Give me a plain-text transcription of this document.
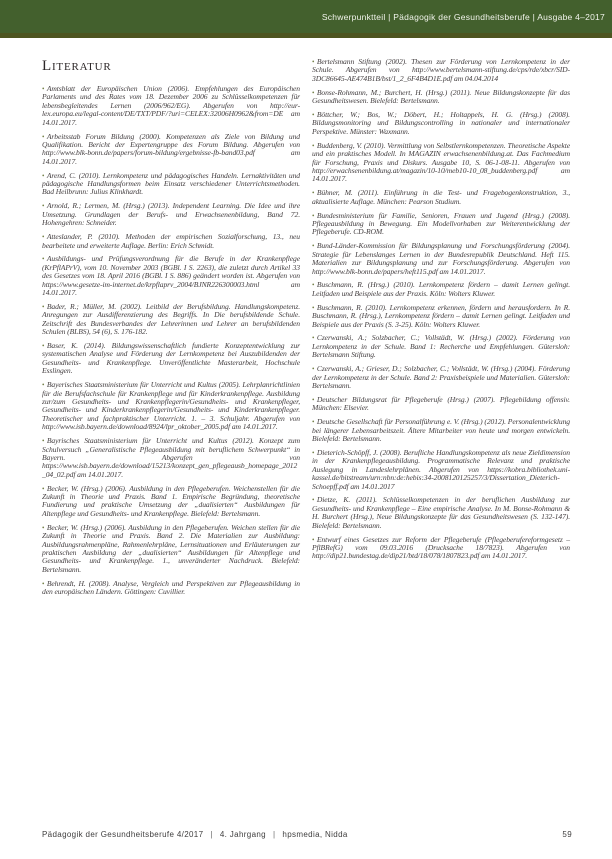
Schwerpunktteil | Pädagogik der Gesundheitsberufe | Ausgabe 4–2017
Literatur

• Amtsblatt der Europäischen Union (2006). Empfehlungen des Europäischen Parlaments und des Rates vom 18. Dezember 2006 zu Schlüsselkompetenzen für lebensbegleitendes Lernen (2006/962/EG). Abgerufen von http://eur-lex.europa.eu/legal-content/DE/TXT/PDF/?uri=CELEX:32006H0962&from=DE am 14.01.2017.

• Arbeitsstab Forum Bildung (2000). Kompetenzen als Ziele von Bildung und Qualifikation. Bericht der Expertengruppe des Forum Bildung. Abgerufen von http://www.blk-bonn.de/papers/forum-bildung/ergebnisse-fb-band03.pdf am 14.01.2017.

• Arend, C. (2010). Lernkompetenz und pädagogisches Handeln. Lernaktivitäten und pädagogische Handlungsformen beim Einsatz verschiedener Unterrichtsmethoden. Bad Heilbrunn: Julius Klinkhardt.

• Arnold, R.; Lermen, M. (Hrsg.) (2013). Independent Learning. Die Idee und ihre Umsetzung. Grundlagen der Berufs- und Erwachsenenbildung, Band 72. Hohengehren: Schneider.

• Atteslander, P. (2010). Methoden der empirischen Sozialforschung, 13., neu bearbeitete und erweiterte Auflage. Berlin: Erich Schmidt.

• Ausbildungs- und Prüfungsverordnung für die Berufe in der Krankenpflege (KrPflAPrV), vom 10. November 2003 (BGBl. I S. 2263), die zuletzt durch Artikel 33 des Gesetzes vom 18. April 2016 (BGBl. I S. 886) geändert worden ist. Abgerufen von https://www.gesetze-im-internet.de/krpflaprv_2004/BJNR226300003.html am 14.01.2017.

• Bader, R.; Müller, M. (2002). Leitbild der Berufsbildung. Handlungskompetenz. Anregungen zur Ausdifferenzierung des Begriffs. In Die berufsbildende Schule. Zeitschrift des Bundesverbandes der Lehrerinnen und Lehrer an berufsbildenden Schulen (BLBS), 54 (6), S. 176-182.

• Baser, K. (2014). Bildungswissenschaftlich fundierte Konzeptentwicklung zur systematischen Analyse und Förderung der Lernkompetenz bei Auszubildenden der Gesundheits- und Krankenpflege. Unveröffentlichte Masterarbeit, Hochschule Esslingen.

• Bayerisches Staatsministerium für Unterricht und Kultus (2005). Lehrplanrichtlinien für die Berufsfachschule für Krankenpflege und für Kinderkrankenpflege. Ausbildung zur/zum Gesundheits- und Krankenpflegerin/Gesundheits- und Krankenpfleger, Gesundheits- und Kinderkrankenpflegerin/Gesundheits- und Kinderkrankenpfleger. Theoretischer und fachpraktischer Unterricht. 1. – 3. Schuljahr. Abgerufen von http://www.isb.bayern.de/download/8924/lpr_oktober_2005.pdf am 14.01.2017.

• Bayrisches Staatsministerium für Unterricht und Kultus (2012). Konzept zum Schulversuch „Generalistische Pflegeausbildung mit beruflichem Schwerpunkt“ in Bayern. Abgerufen von https://www.isb.bayern.de/download/15213/konzept_gen_pflegeausb_homepage_2012_04_02.pdf am 14.01.2017.

• Becker, W. (Hrsg.) (2006). Ausbildung in den Pflegeberufen. Weichenstellen für die Zukunft in Theorie und Praxis. Band 1. Empirische Begründung, theoretische Fundierung und praktische Umsetzung der „dualisierten“ Ausbildungen für Altenpflege und Gesundheits- und Krankenpflege. Bielefeld: Bertelsmann.

• Becker, W. (Hrsg.) (2006). Ausbildung in den Pflegeberufen. Weichen stellen für die Zukunft in Theorie und Praxis. Band 2. Die Materialien zur Ausbildung: Ausbildungsrahmenpläne, Rahmenlehrpläne, Lernsituationen und Erläuterungen zur praktischen Ausbildung der „dualisierten“ Ausbildungen für Altenpflege und Gesundheits- und Krankenpflege. 1., unveränderter Nachdruck. Bielefeld: Bertelsmann.

• Behrendt, H. (2008). Analyse, Vergleich und Perspektiven zur Pflegeausbildung in den europäischen Ländern. Göttingen: Cuvillier.

• Bertelsmann Stiftung (2002). Thesen zur Förderung von Lernkompetenz in der Schule. Abgerufen von http://www.bertelsmann-stiftung.de/cps/rde/xbcr/SID-3DC86645-AE474B1B/bst/1_2_6F4B4D1E.pdf am 04.04.2014

• Bonse-Rohmann, M.; Burchert, H. (Hrsg.) (2011). Neue Bildungskonzepte für das Gesundheitswesen. Bielefeld: Bertelsmann.

• Böttcher, W.; Bos, W.; Döbert, H.; Holtappels, H. G. (Hrsg.) (2008). Bildungsmonitoring und Bildungscontrolling in nationaler und internationaler Perspektive. Münster: Waxmann.

• Buddenberg, V. (2010). Vermittlung von Selbstlernkompetenzen. Theoretische Aspekte und ein praktisches Modell. In MAGAZIN erwachsenenbildung.at. Das Fachmedium für Forschung, Praxis und Diskurs. Ausgabe 10, S. 06-1-08-11. Abgerufen von http://erwachsenenbildung.at/magazin/10-10/meb10-10_08_buddenberg.pdf am 14.01.2017.

• Bühner, M. (2011). Einführung in die Test- und Fragebogenkonstruktion, 3., aktualisierte Auflage. München: Pearson Studium.

• Bundesministerium für Familie, Senioren, Frauen und Jugend (Hrsg.) (2008). Pflegeausbildung in Bewegung. Ein Modellvorhaben zur Weiterentwicklung der Pflegeberufe. CD-ROM.

• Bund-Länder-Kommission für Bildungsplanung und Forschungsförderung (2004). Strategie für Lebenslanges Lernen in der Bundesrepublik Deutschland. Heft 115. Materialien zur Bildungsplanung und zur Forschungsförderung. Abgerufen von http://www.blk-bonn.de/papers/heft115.pdf am 14.01.2017.

• Buschmann, R. (Hrsg.) (2010). Lernkompetenz fördern – damit Lernen gelingt. Leitfaden und Beispiele aus der Praxis. Köln: Wolters Kluwer.

• Buschmann, R. (2010). Lernkompetenz erkennen, fördern und herausfordern. In R. Buschmann, R. (Hrsg.), Lernkompetenz fördern – damit Lernen gelingt. Leitfaden und Beispiele aus der Praxis (S. 3-25). Köln: Wolters Kluwer.

• Czerwanski, A.; Solzbacher, C.; Vollstädt, W. (Hrsg.) (2002). Förderung von Lernkompetenz in der Schule. Band 1: Recherche und Empfehlungen. Gütersloh: Bertelsmann Stiftung.

• Czerwanski, A.; Grieser, D.; Solzbacher, C.; Vollstädt, W. (Hrsg.) (2004). Förderung der Lernkompetenz in der Schule. Band 2: Praxisbeispiele und Materialien. Gütersloh: Bertelsmann.

• Deutscher Bildungsrat für Pflegeberufe (Hrsg.) (2007). Pflegebildung offensiv. München: Elsevier.

• Deutsche Gesellschaft für Personalführung e. V. (Hrsg.) (2012). Personalentwicklung bei längerer Lebensarbeitszeit. Ältere Mitarbeiter von heute und morgen entwickeln. Bielefeld: Bertelsmann.

• Dieterich-Schöpff, J. (2008). Berufliche Handlungskompetenz als neue Zieldimension in der Krankenpflegeausbildung. Programmatische Relevanz und praktische Auslegung in Landeslehrplänen. Abgerufen von https://kobra.bibliothek.uni-kassel.de/bitstream/urn:nbn:de:hebis:34-2008120125257/3/Dissertation_Dieterich-Schoepff.pdf am 14.01.2017

• Dietze, K. (2011). Schlüsselkompetenzen in der beruflichen Ausbildung zur Gesundheits- und Krankenpflege – Eine empirische Analyse. In M. Bonse-Rohmann & H. Burchert (Hrsg.), Neue Bildungskonzepte für das Gesundheitswesen (S. 132-147). Bielefeld: Bertelsmann.

• Entwurf eines Gesetzes zur Reform der Pflegeberufe (Pflegeberufereformgesetz – PflBRefG) vom 09.03.2016 (Drucksache 18/7823). Abgerufen von http://dip21.bundestag.de/dip21/btd/18/078/1807823.pdf am 14.01.2017.

Pädagogik der Gesundheitsberufe 4/2017 | 4. Jahrgang | hpsmedia, Nidda	59
